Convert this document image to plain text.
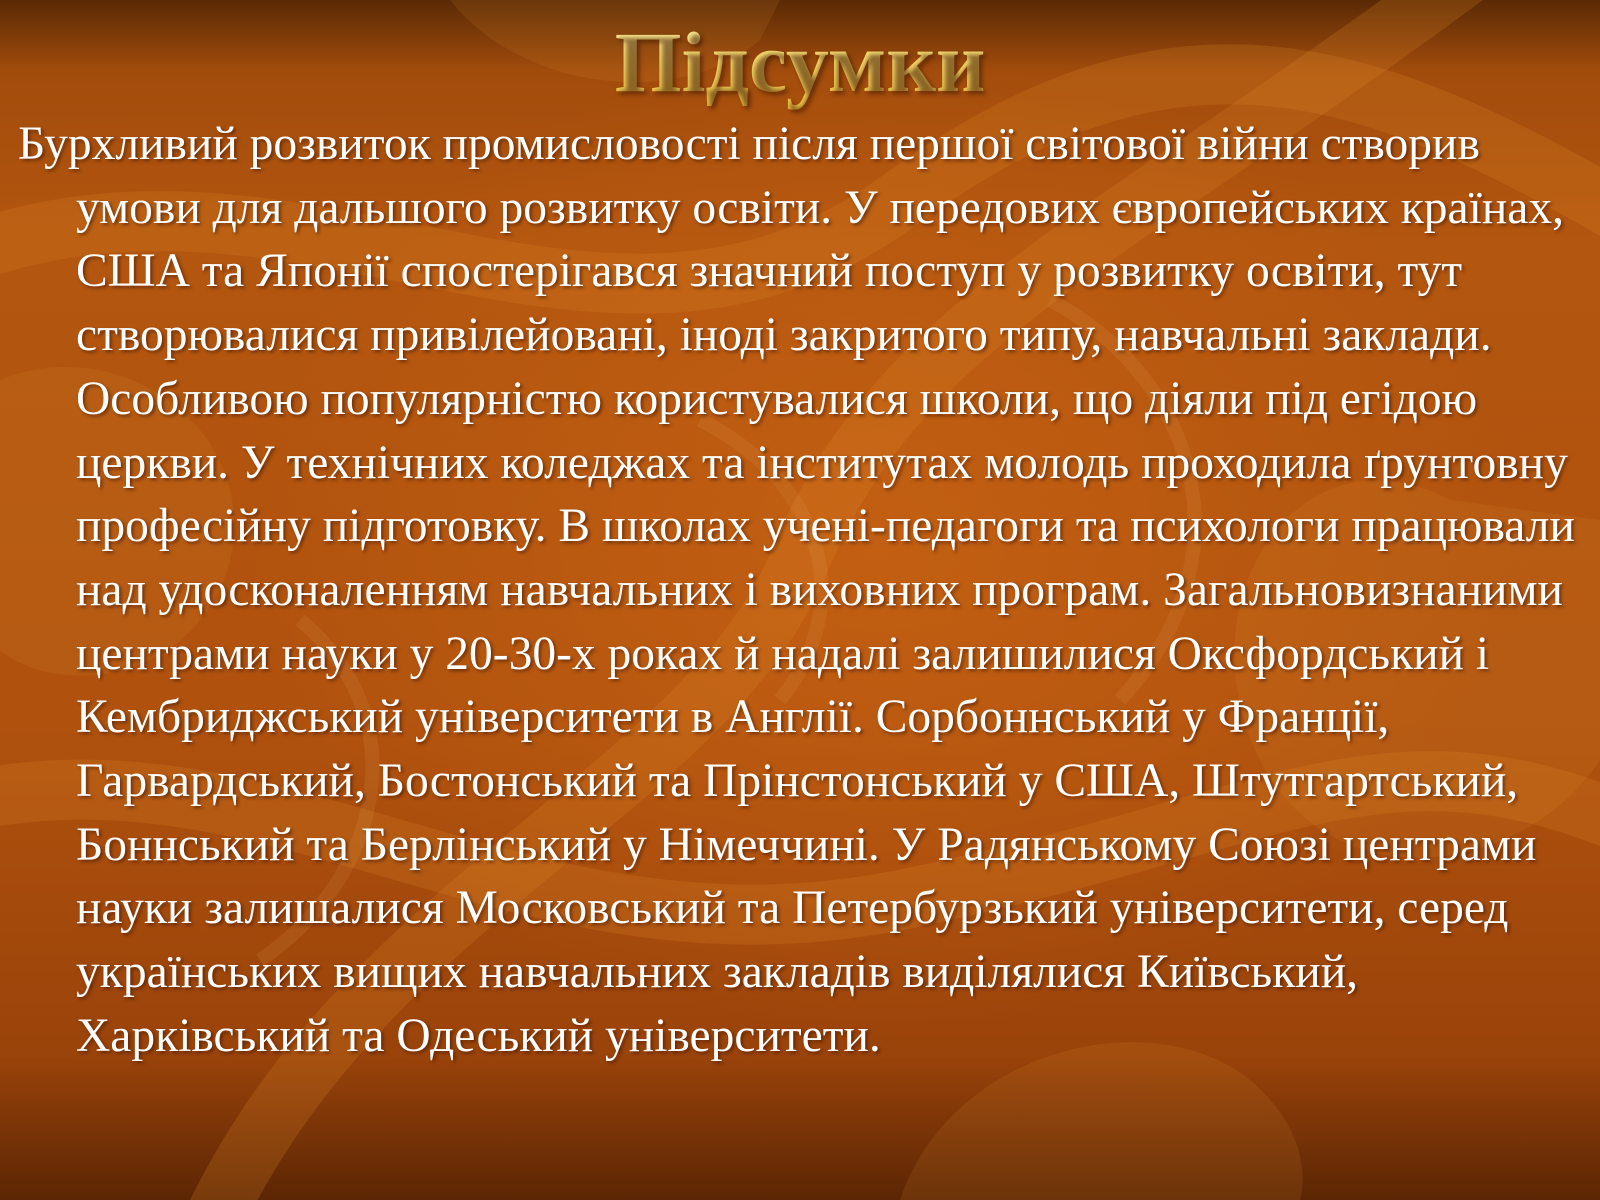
Підсумки

Бурхливий розвиток промисловості після першої світової війни створив умови для дальшого розвитку освіти. У передових європейських країнах, США та Японії спостерігався значний поступ у розвитку освіти, тут створювалися привілейовані, іноді закритого типу, навчальні заклади. Особливою популярністю користувалися школи, що діяли під егідою церкви. У технічних коледжах та інститутах молодь проходила ґрунтовну професійну підготовку. В школах учені-педагоги та психологи працювали над удосконаленням навчальних і виховних програм. Загальновизнаними центрами науки у 20-30-х роках й надалі залишилися Оксфордський і Кембриджський університети в Англії. Сорбоннський у Франції, Гарвардський, Бостонський та Прінстонський у США, Штутгартський, Боннський та Берлінський у Німеччині. У Радянському Союзі центрами науки залишалися Московський та Петербурзький університети, серед українських вищих навчальних закладів виділялися Київський, Харківський та Одеський університети.
